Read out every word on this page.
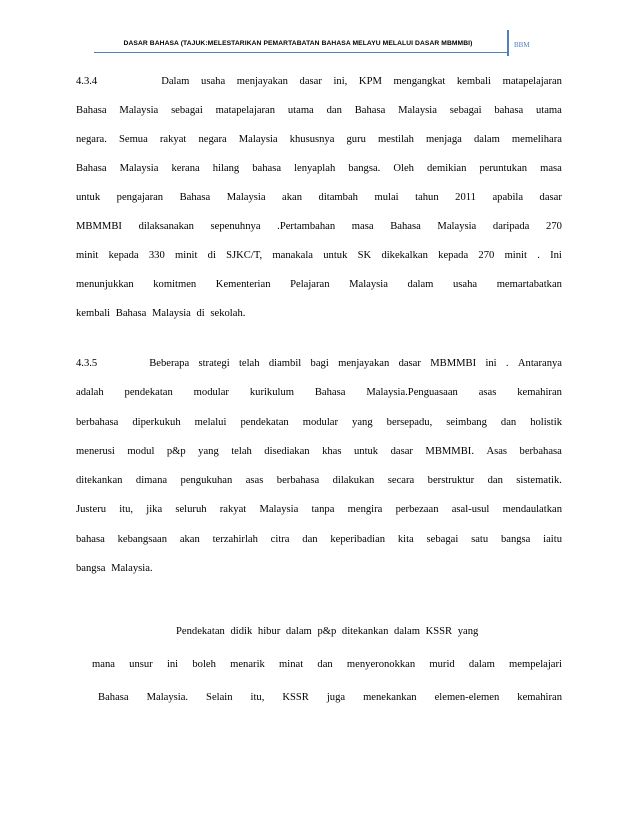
DASAR BAHASA (TAJUK:MELESTARIKAN PEMARTABATAN BAHASA MELAYU MELALUI DASAR MBMMBI)	BBM
4.3.4	Dalam usaha menjayakan dasar ini, KPM mengangkat kembali matapelajaran
Bahasa Malaysia sebagai matapelajaran utama dan Bahasa Malaysia sebagai bahasa utama
negara. Semua rakyat negara Malaysia khususnya guru mestilah menjaga dalam memelihara
Bahasa Malaysia kerana hilang bahasa lenyaplah bangsa. Oleh demikian peruntukan masa
untuk pengajaran Bahasa Malaysia akan ditambah mulai tahun 2011 apabila dasar
MBMMBI dilaksanakan sepenuhnya .Pertambahan masa Bahasa Malaysia daripada 270
minit kepada 330 minit di SJKC/T, manakala untuk SK dikekalkan kepada 270 minit . Ini
menunjukkan komitmen Kementerian Pelajaran Malaysia dalam usaha memartabatkan
kembali Bahasa Malaysia di sekolah.
4.3.5	Beberapa strategi telah diambil bagi menjayakan dasar MBMMBI ini . Antaranya
adalah pendekatan modular kurikulum Bahasa Malaysia.Penguasaan asas kemahiran
berbahasa diperkukuh melalui pendekatan modular yang bersepadu, seimbang dan holistik
menerusi modul p&p yang telah disediakan khas untuk dasar MBMMBI. Asas berbahasa
ditekankan dimana pengukuhan asas berbahasa dilakukan secara berstruktur dan sistematik.
Justeru itu, jika seluruh rakyat Malaysia tanpa mengira perbezaan asal-usul mendaulatkan
bahasa kebangsaan akan terzahirlah citra dan keperibadian kita sebagai satu bangsa iaitu
bangsa Malaysia.
Pendekatan didik hibur dalam p&p ditekankan dalam KSSR yang
mana unsur ini boleh menarik minat dan menyeronokkan murid dalam mempelajari
Bahasa Malaysia. Selain itu, KSSR juga menekankan elemen-elemen kemahiran
